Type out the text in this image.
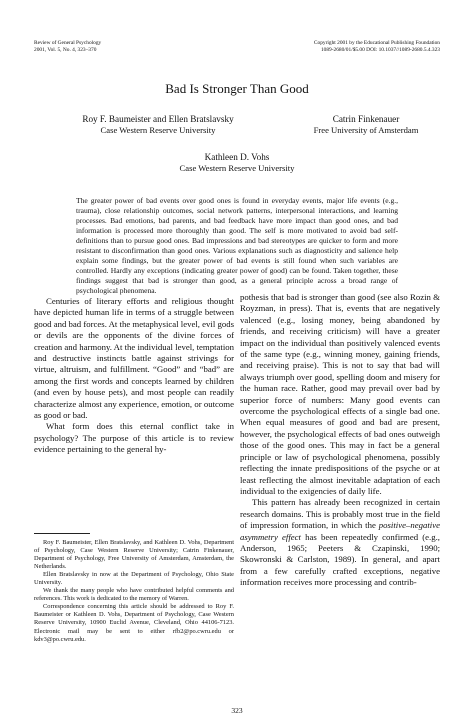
Review of General Psychology
2001, Vol. 5, No. 4, 323–370
Copyright 2001 by the Educational Publishing Foundation
1089-2680/01/$5.00 DOI: 10.1037//1089-2680.5.4.323
Bad Is Stronger Than Good
Roy F. Baumeister and Ellen Bratslavsky
Case Western Reserve University
Catrin Finkenauer
Free University of Amsterdam
Kathleen D. Vohs
Case Western Reserve University
The greater power of bad events over good ones is found in everyday events, major life events (e.g., trauma), close relationship outcomes, social network patterns, interpersonal interactions, and learning processes. Bad emotions, bad parents, and bad feedback have more impact than good ones, and bad information is processed more thoroughly than good. The self is more motivated to avoid bad self-definitions than to pursue good ones. Bad impressions and bad stereotypes are quicker to form and more resistant to disconfirmation than good ones. Various explanations such as diagnosticity and salience help explain some findings, but the greater power of bad events is still found when such variables are controlled. Hardly any exceptions (indicating greater power of good) can be found. Taken together, these findings suggest that bad is stronger than good, as a general principle across a broad range of psychological phenomena.

Centuries of literary efforts and religious thought have depicted human life in terms of a struggle between good and bad forces. At the metaphysical level, evil gods or devils are the opponents of the divine forces of creation and harmony. At the individual level, temptation and destructive instincts battle against strivings for virtue, altruism, and fulfillment. “Good” and “bad” are among the first words and concepts learned by children (and even by house pets), and most people can readily characterize almost any experience, emotion, or outcome as good or bad.

What form does this eternal conflict take in psychology? The purpose of this article is to review evidence pertaining to the general hy-

pothesis that bad is stronger than good (see also Rozin & Royzman, in press). That is, events that are negatively valenced (e.g., losing money, being abandoned by friends, and receiving criticism) will have a greater impact on the individual than positively valenced events of the same type (e.g., winning money, gaining friends, and receiving praise). This is not to say that bad will always triumph over good, spelling doom and misery for the human race. Rather, good may prevail over bad by superior force of numbers: Many good events can overcome the psychological effects of a single bad one. When equal measures of good and bad are present, however, the psychological effects of bad ones outweigh those of the good ones. This may in fact be a general principle or law of psychological phenomena, possibly reflecting the innate predispositions of the psyche or at least reflecting the almost inevitable adaptation of each individual to the exigencies of daily life.

This pattern has already been recognized in certain research domains. This is probably most true in the field of impression formation, in which the positive–negative asymmetry effect has been repeatedly confirmed (e.g., Anderson, 1965; Peeters & Czapinski, 1990; Skowronski & Carlston, 1989). In general, and apart from a few carefully crafted exceptions, negative information receives more processing and contrib-

Roy F. Baumeister, Ellen Bratslavsky, and Kathleen D. Vohs, Department of Psychology, Case Western Reserve University; Catrin Finkenauer, Department of Psychology, Free University of Amsterdam, Amsterdam, the Netherlands.

Ellen Bratslavsky in now at the Department of Psychology, Ohio State University.

We thank the many people who have contributed helpful comments and references. This work is dedicated to the memory of Warren.

Correspondence concerning this article should be addressed to Roy F. Baumeister or Kathleen D. Vohs, Department of Psychology, Case Western Reserve University, 10900 Euclid Avenue, Cleveland, Ohio 44106-7123. Electronic mail may be sent to either rfb2@po.cwru.edu or kdv3@po.cwru.edu.

323
